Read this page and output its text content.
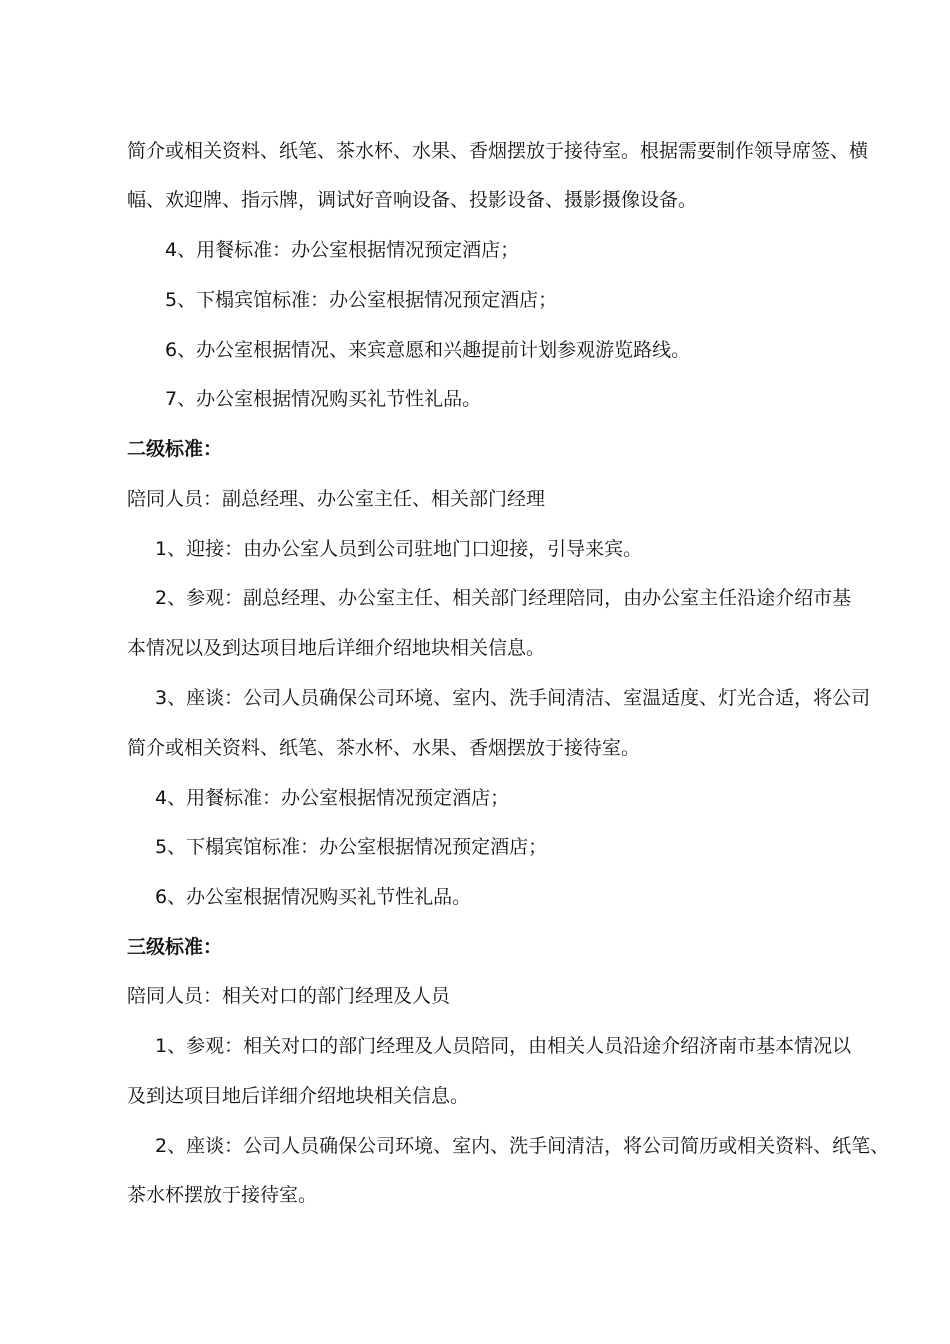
简介或相关资料、纸笔、茶水杯、水果、香烟摆放于接待室。根据需要制作领导席签、横
幅、欢迎牌、指示牌，调试好音响设备、投影设备、摄影摄像设备。
4、用餐标准：办公室根据情况预定酒店；
5、下榻宾馆标准：办公室根据情况预定酒店；
6、办公室根据情况、来宾意愿和兴趣提前计划参观游览路线。
7、办公室根据情况购买礼节性礼品。
二级标准：
陪同人员：副总经理、办公室主任、相关部门经理
1、迎接：由办公室人员到公司驻地门口迎接，引导来宾。
2、参观：副总经理、办公室主任、相关部门经理陪同，由办公室主任沿途介绍市基
本情况以及到达项目地后详细介绍地块相关信息。
3、座谈：公司人员确保公司环境、室内、洗手间清洁、室温适度、灯光合适，将公司
简介或相关资料、纸笔、茶水杯、水果、香烟摆放于接待室。
4、用餐标准：办公室根据情况预定酒店；
5、下榻宾馆标准：办公室根据情况预定酒店；
6、办公室根据情况购买礼节性礼品。
三级标准：
陪同人员：相关对口的部门经理及人员
1、参观：相关对口的部门经理及人员陪同，由相关人员沿途介绍济南市基本情况以
及到达项目地后详细介绍地块相关信息。
2、座谈：公司人员确保公司环境、室内、洗手间清洁，将公司简历或相关资料、纸笔、
茶水杯摆放于接待室。
